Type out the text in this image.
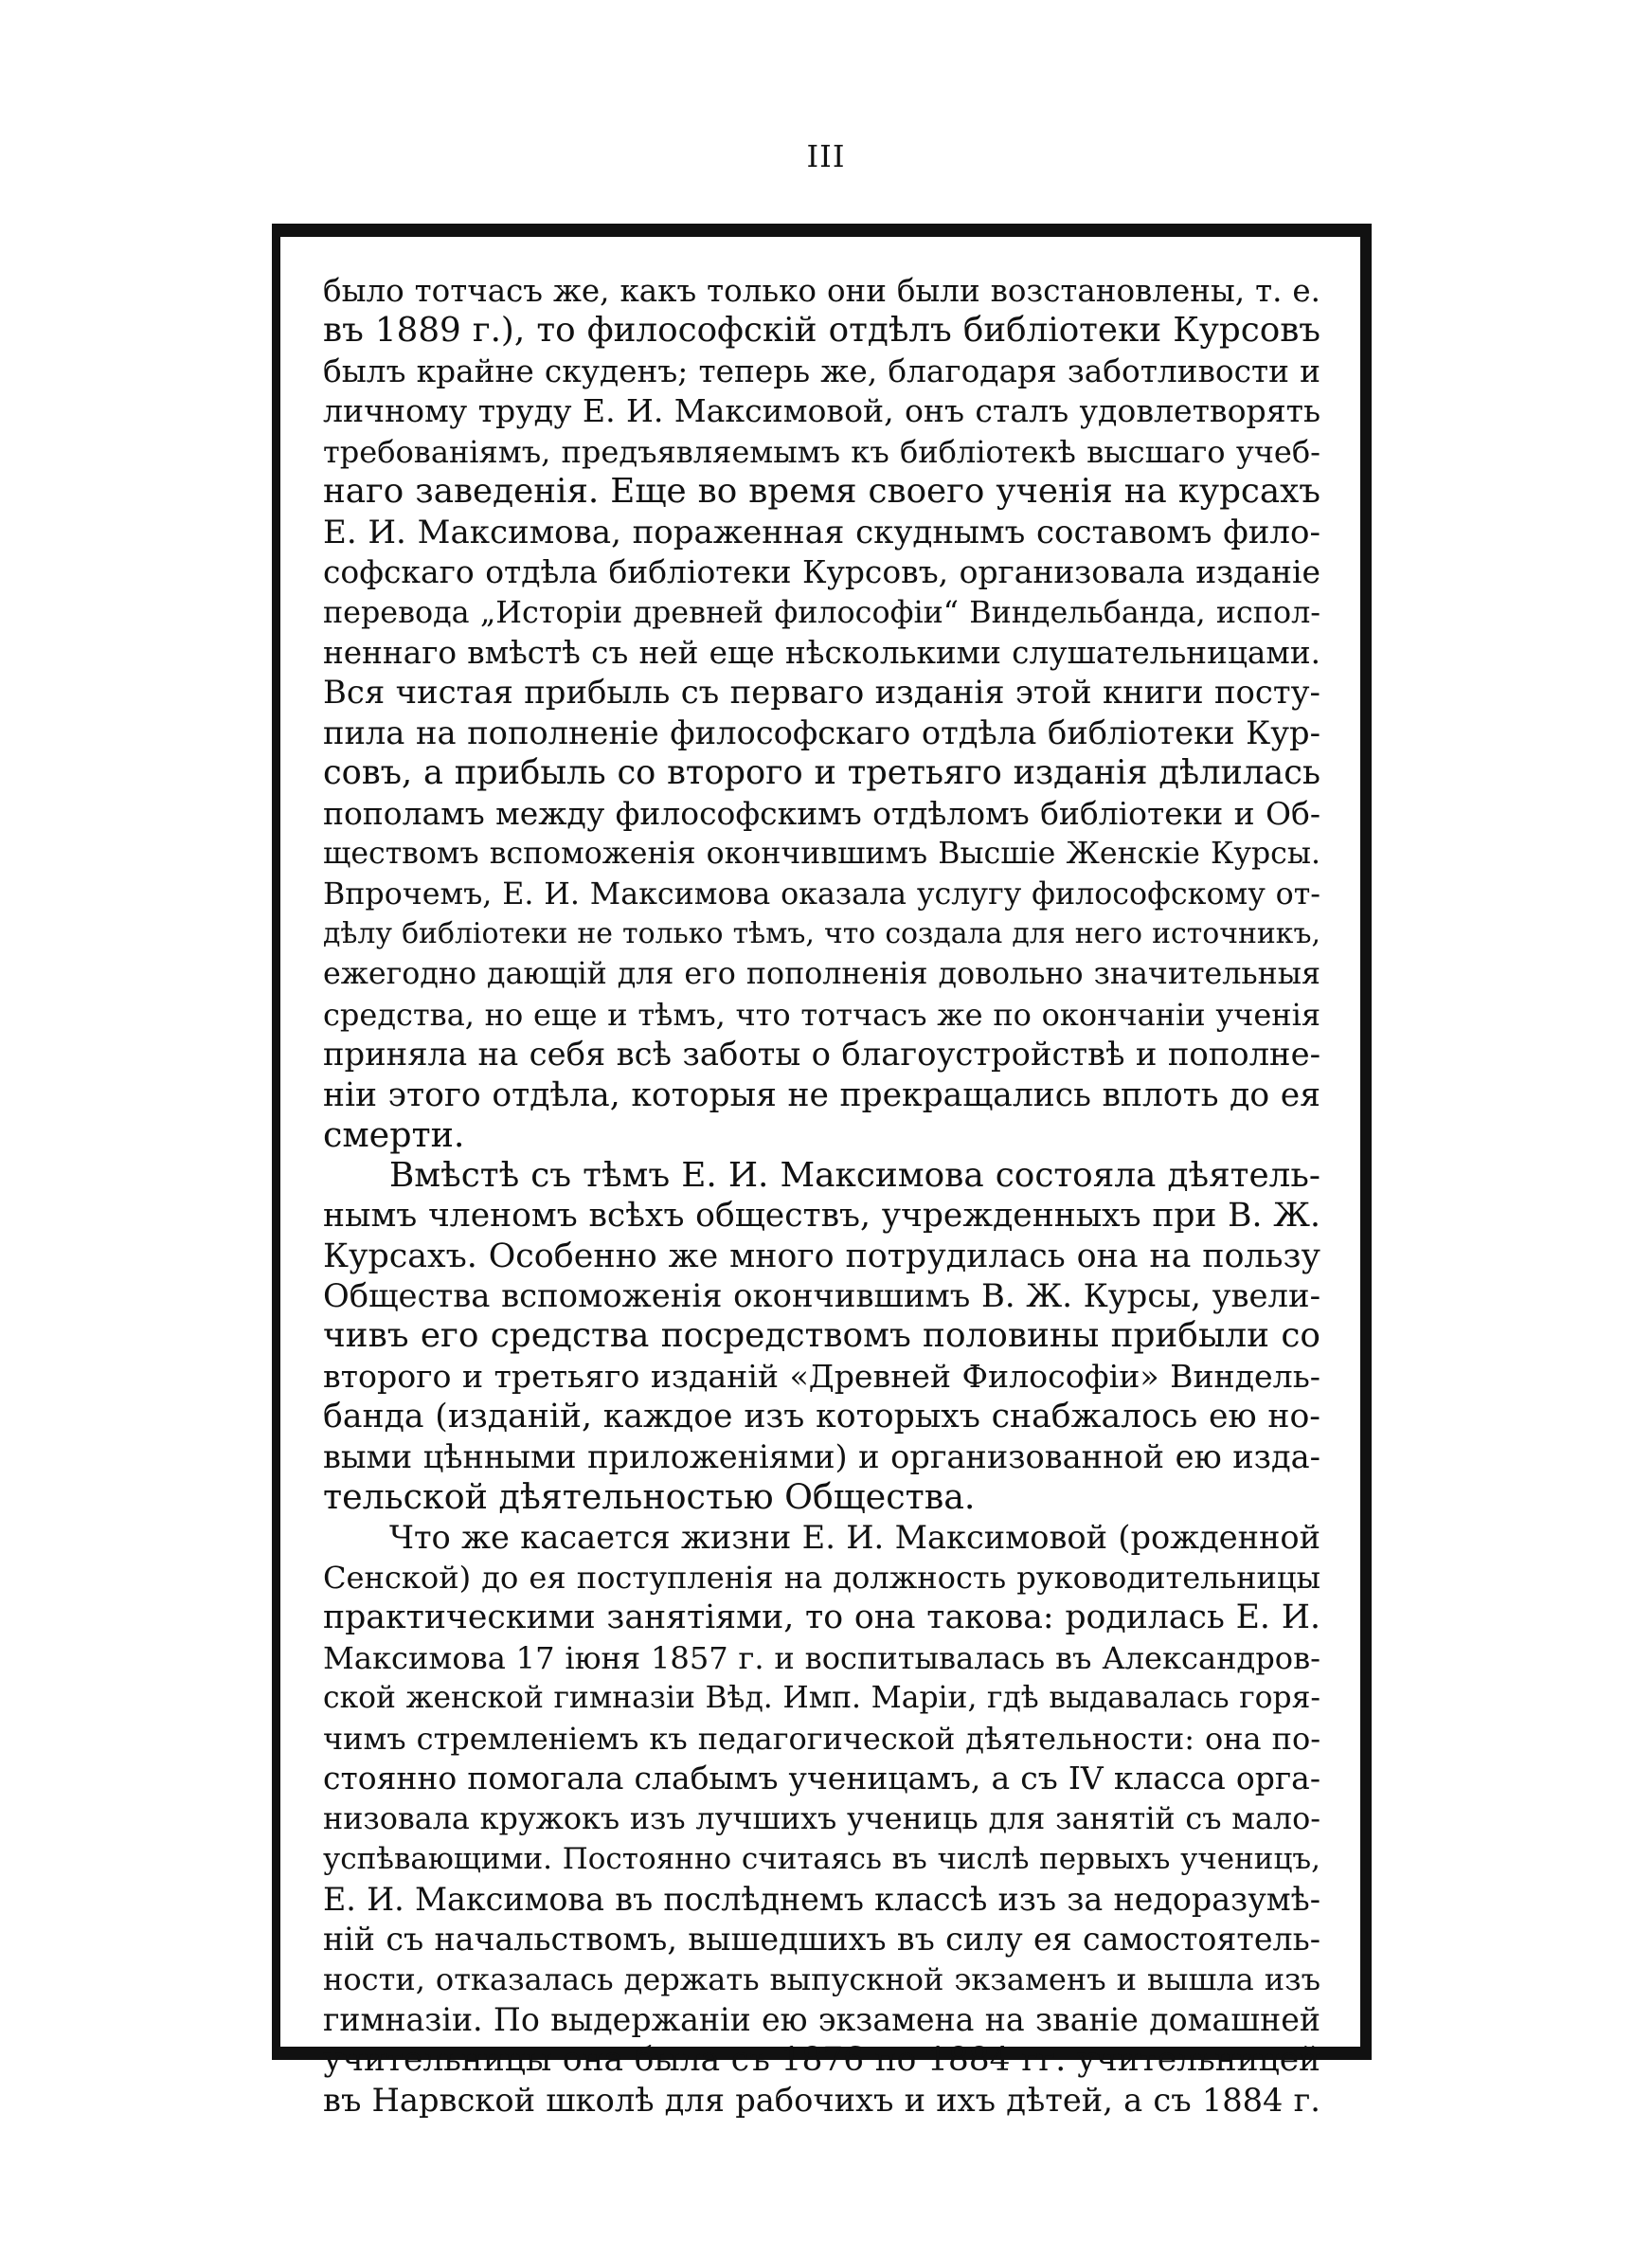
III
было тотчасъ же, какъ только они были возстановлены, т. е.
въ 1889 г.), то философскій отдѣлъ библіотеки Курсовъ
былъ крайне скуденъ; теперь же, благодаря заботливости и
личному труду Е. И. Максимовой, онъ сталъ удовлетворять
требованіямъ, предъявляемымъ къ библіотекѣ высшаго учеб-
наго заведенія. Еще во время своего ученія на курсахъ
Е. И. Максимова, пораженная скуднымъ составомъ фило-
софскаго отдѣла библіотеки Курсовъ, организовала изданіе
перевода „Исторіи древней философіи“ Виндельбанда, испол-
неннаго вмѣстѣ съ ней еще нѣсколькими слушательницами.
Вся чистая прибыль съ перваго изданія этой книги посту-
пила на пополненіе философскаго отдѣла библіотеки Кур-
совъ, а прибыль со второго и третьяго изданія дѣлилась
пополамъ между философскимъ отдѣломъ библіотеки и Об-
ществомъ вспоможенія окончившимъ Высшіе Женскіе Курсы.
Впрочемъ, Е. И. Максимова оказала услугу философскому от-
дѣлу библіотеки не только тѣмъ, что создала для него источникъ,
ежегодно дающій для его пополненія довольно значительныя
средства, но еще и тѣмъ, что тотчасъ же по окончаніи ученія
приняла на себя всѣ заботы о благоустройствѣ и пополне-
ніи этого отдѣла, которыя не прекращались вплоть до ея
смерти.
Вмѣстѣ съ тѣмъ Е. И. Максимова состояла дѣятель-
нымъ членомъ всѣхъ обществъ, учрежденныхъ при В. Ж.
Курсахъ. Особенно же много потрудилась она на пользу
Общества вспоможенія окончившимъ В. Ж. Курсы, увели-
чивъ его средства посредствомъ половины прибыли со
второго и третьяго изданій «Древней Философіи» Виндель-
банда (изданій, каждое изъ которыхъ снабжалось ею но-
выми цѣнными приложеніями) и организованной ею изда-
тельской дѣятельностью Общества.
Что же касается жизни Е. И. Максимовой (рожденной
Сенской) до ея поступленія на должность руководительницы
практическими занятіями, то она такова: родилась Е. И.
Максимова 17 іюня 1857 г. и воспитывалась въ Александров-
ской женской гимназіи Вѣд. Имп. Маріи, гдѣ выдавалась горя-
чимъ стремленіемъ къ педагогической дѣятельности: она по-
стоянно помогала слабымъ ученицамъ, а съ IV класса орга-
низовала кружокъ изъ лучшихъ учениць для занятій съ мало-
успѣвающими. Постоянно считаясь въ числѣ первыхъ ученицъ,
Е. И. Максимова въ послѣднемъ классѣ изъ за недоразумѣ-
ній съ начальствомъ, вышедшихъ въ силу ея самостоятель-
ности, отказалась держать выпускной экзаменъ и вышла изъ
гимназіи. По выдержаніи ею экзамена на званіе домашней
учительницы она была съ 1876 по 1884 гг. учительницей
въ Нарвской школѣ для рабочихъ и ихъ дѣтей, а съ 1884 г.
